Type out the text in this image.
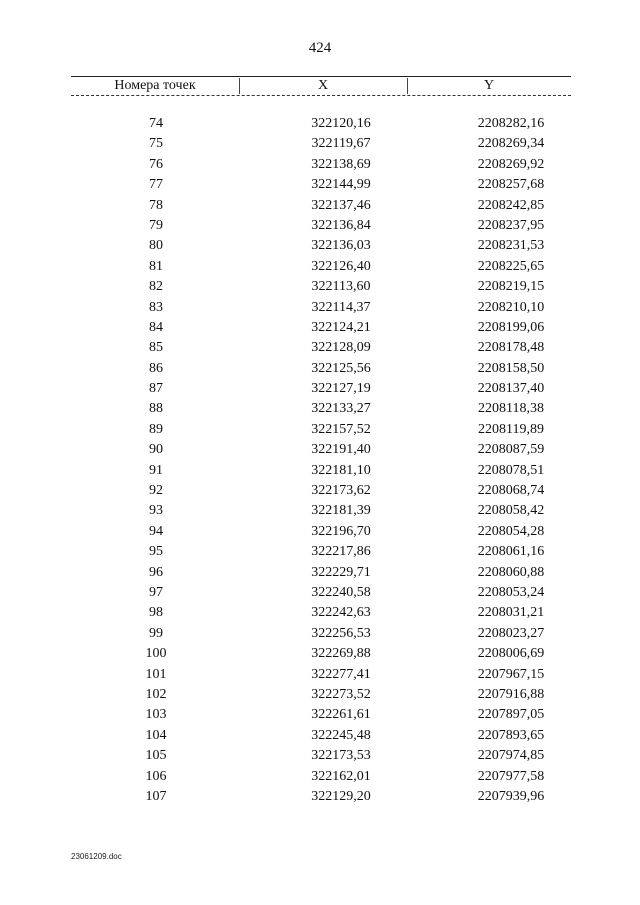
424
Номера точек	X	Y
74	322120,16	2208282,16
75	322119,67	2208269,34
76	322138,69	2208269,92
77	322144,99	2208257,68
78	322137,46	2208242,85
79	322136,84	2208237,95
80	322136,03	2208231,53
81	322126,40	2208225,65
82	322113,60	2208219,15
83	322114,37	2208210,10
84	322124,21	2208199,06
85	322128,09	2208178,48
86	322125,56	2208158,50
87	322127,19	2208137,40
88	322133,27	2208118,38
89	322157,52	2208119,89
90	322191,40	2208087,59
91	322181,10	2208078,51
92	322173,62	2208068,74
93	322181,39	2208058,42
94	322196,70	2208054,28
95	322217,86	2208061,16
96	322229,71	2208060,88
97	322240,58	2208053,24
98	322242,63	2208031,21
99	322256,53	2208023,27
100	322269,88	2208006,69
101	322277,41	2207967,15
102	322273,52	2207916,88
103	322261,61	2207897,05
104	322245,48	2207893,65
105	322173,53	2207974,85
106	322162,01	2207977,58
107	322129,20	2207939,96
23061209.doc
